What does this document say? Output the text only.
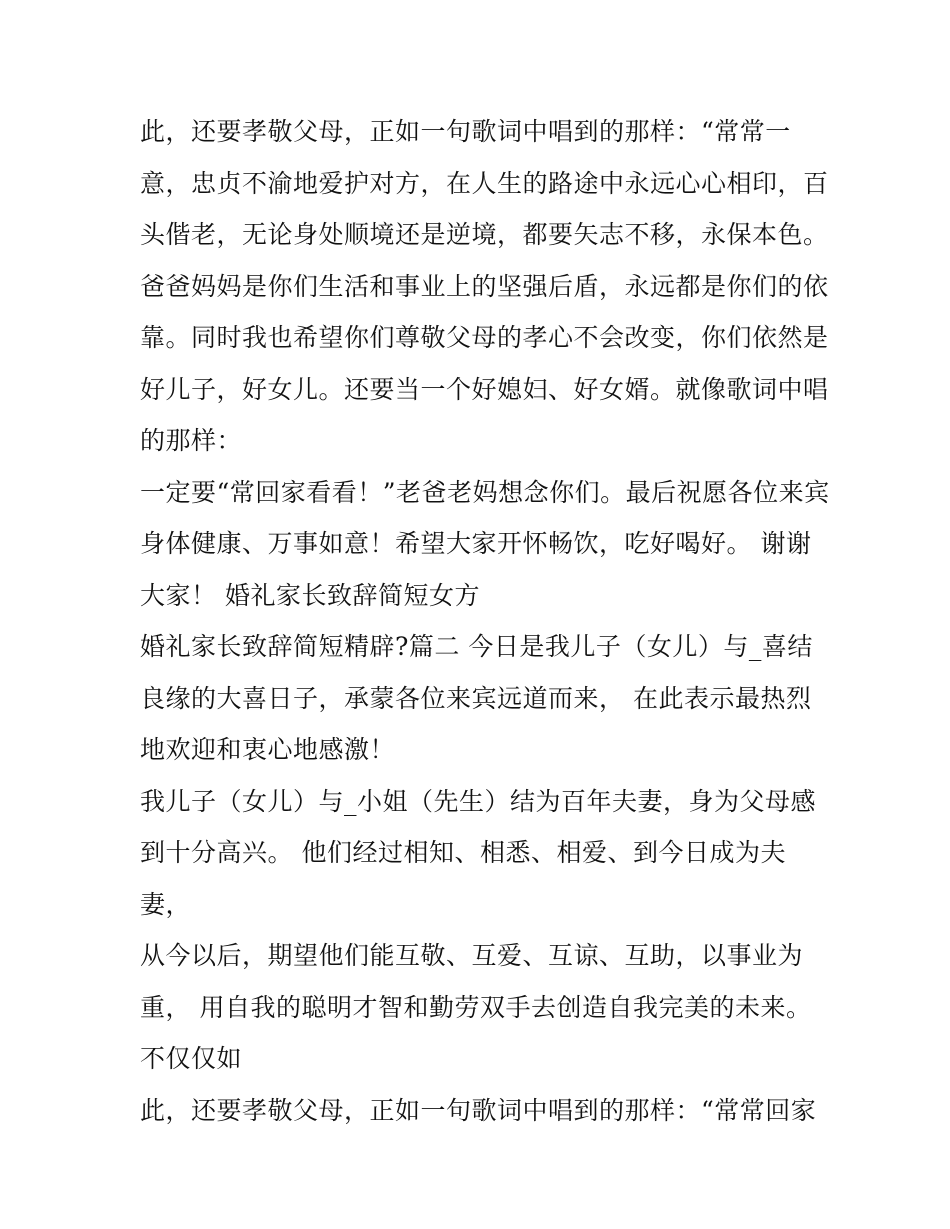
此，还要孝敬父母，正如一句歌词中唱到的那样：“常常一
意，忠贞不渝地爱护对方，在人生的路途中永远心心相印，百
头偕老，无论身处顺境还是逆境，都要矢志不移，永保本色。
爸爸妈妈是你们生活和事业上的坚强后盾，永远都是你们的依
靠。同时我也希望你们尊敬父母的孝心不会改变，你们依然是
好儿子，好女儿。还要当一个好媳妇、好女婿。就像歌词中唱
的那样：
一定要“常回家看看！”老爸老妈想念你们。最后祝愿各位来宾
身体健康、万事如意！希望大家开怀畅饮，吃好喝好。 谢谢
大家！ 婚礼家长致辞简短女方
婚礼家长致辞简短精辟?篇二 今日是我儿子（女儿）与_喜结
良缘的大喜日子，承蒙各位来宾远道而来， 在此表示最热烈
地欢迎和衷心地感激！
我儿子（女儿）与_小姐（先生）结为百年夫妻，身为父母感
到十分高兴。 他们经过相知、相悉、相爱、到今日成为夫
妻，
从今以后，期望他们能互敬、互爱、互谅、互助，以事业为
重， 用自我的聪明才智和勤劳双手去创造自我完美的未来。
不仅仅如
此，还要孝敬父母，正如一句歌词中唱到的那样：“常常回家
